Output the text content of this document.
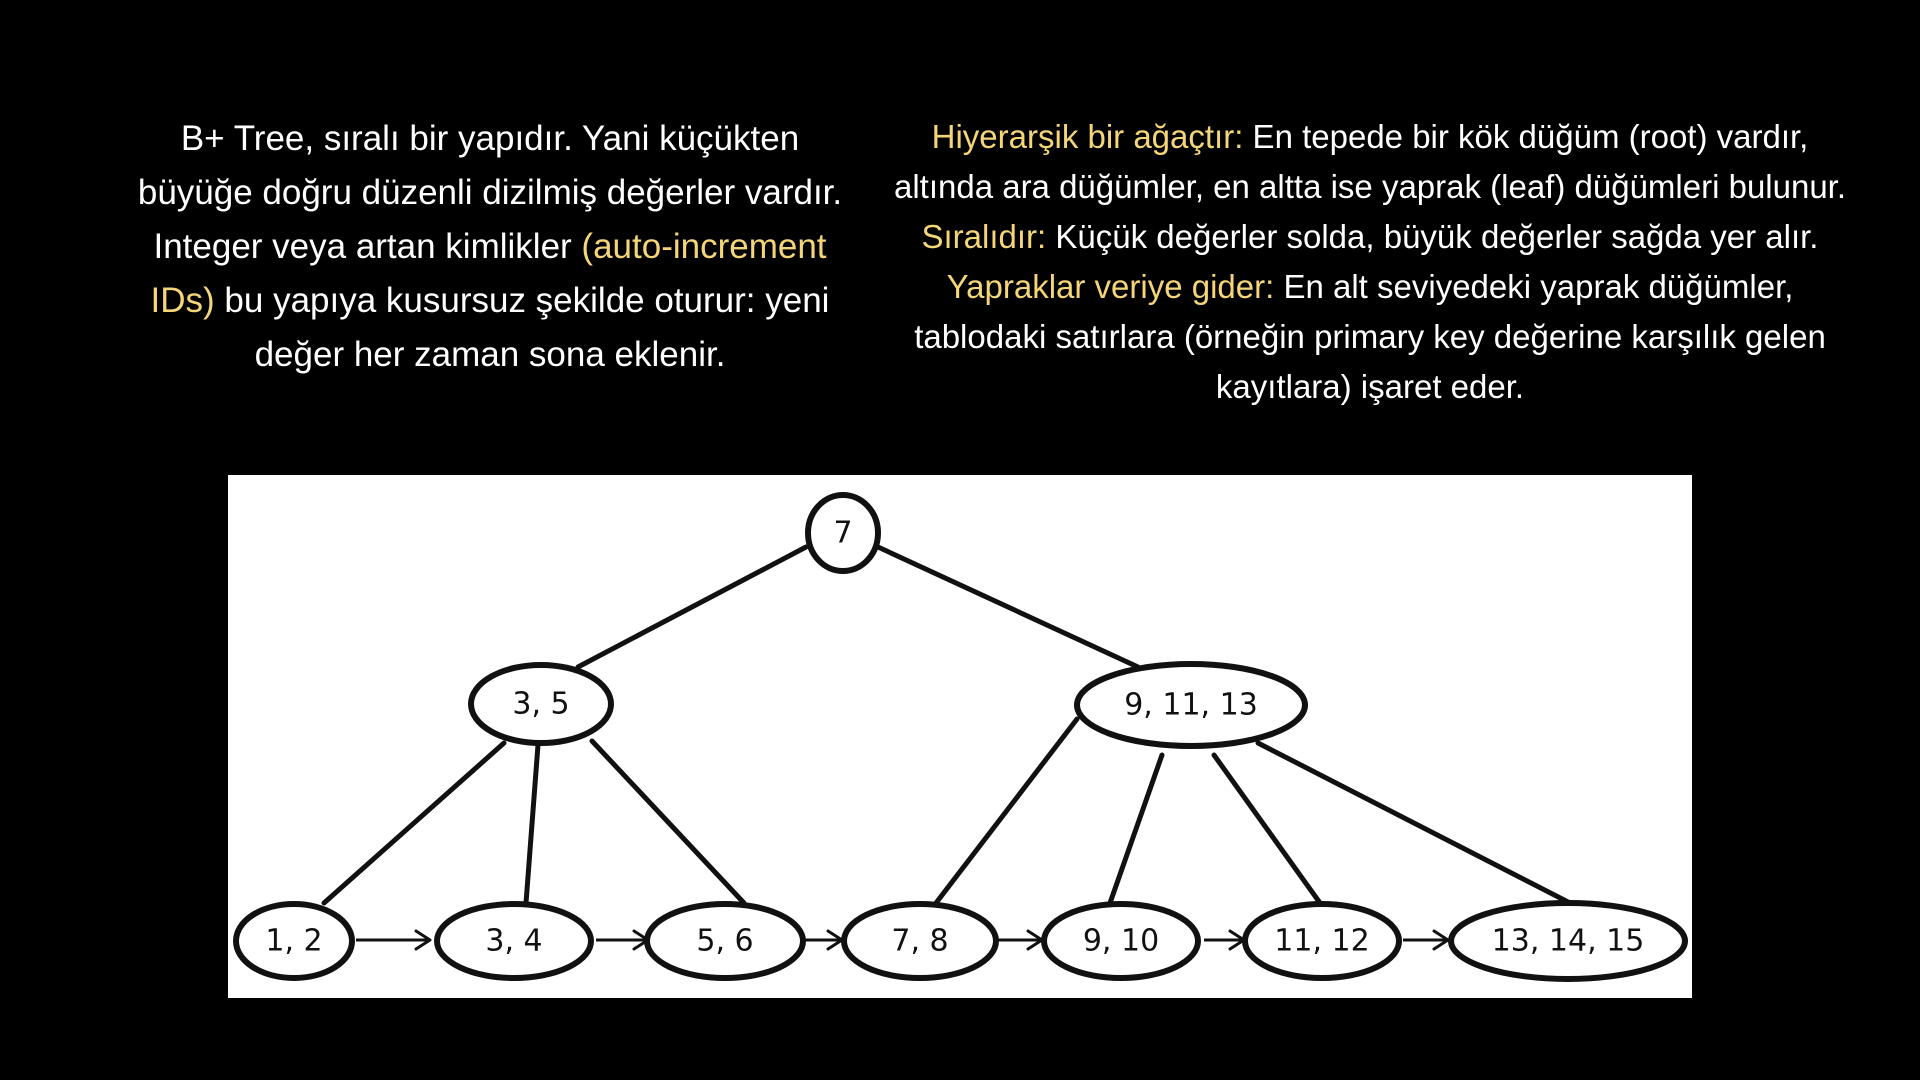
B+ Tree, sıralı bir yapıdır. Yani küçükten büyüğe doğru düzenli dizilmiş değerler vardır. Integer veya artan kimlikler (auto-increment IDs) bu yapıya kusursuz şekilde oturur: yeni değer her zaman sona eklenir.
Hiyerarşik bir ağaçtır: En tepede bir kök düğüm (root) vardır, altında ara düğümler, en altta ise yaprak (leaf) düğümleri bulunur.
Sıralıdır: Küçük değerler solda, büyük değerler sağda yer alır.
Yapraklar veriye gider: En alt seviyedeki yaprak düğümler, tablodaki satırlara (örneğin primary key değerine karşılık gelen kayıtlara) işaret eder.
7
3, 5	9, 11, 13
1, 2	3, 4	5, 6	7, 8	9, 10	11, 12	13, 14, 15
